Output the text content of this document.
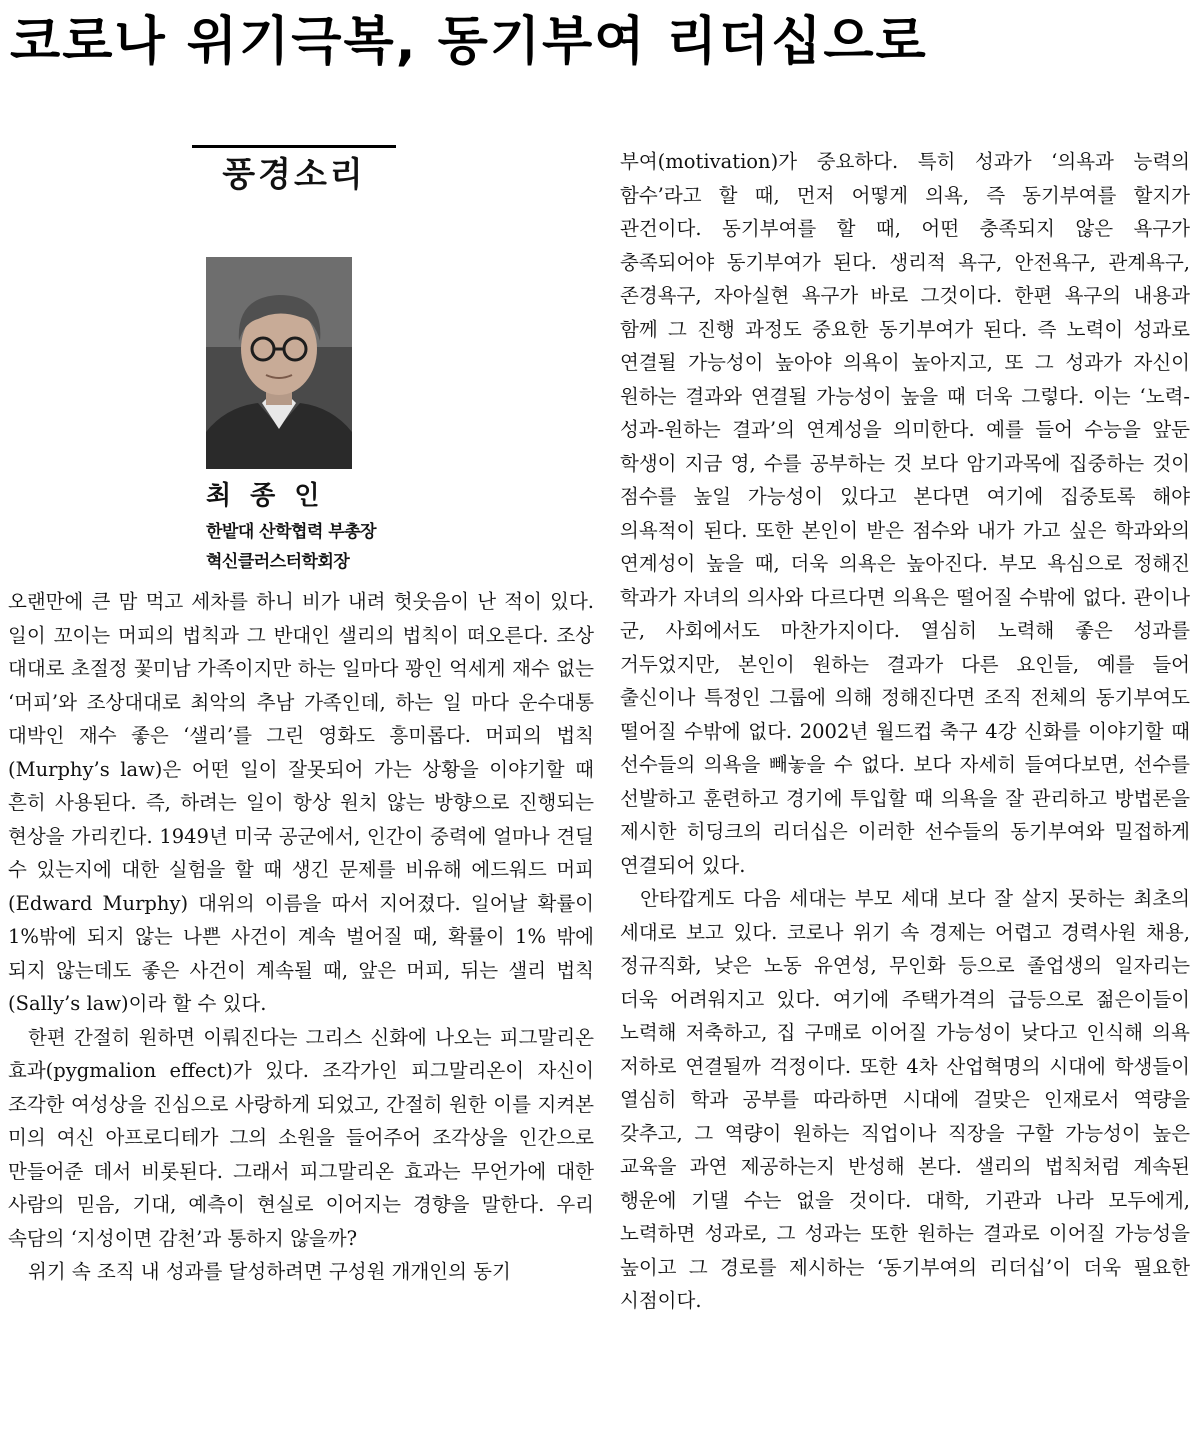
코로나 위기극복, 동기부여 리더십으로
풍경소리
최 종 인
한밭대 산학협력 부총장
혁신클러스터학회장

오랜만에 큰 맘 먹고 세차를 하니 비가 내려 헛웃음이 난 적이 있다. 일이 꼬이는 머피의 법칙과 그 반대인 샐리의 법칙이 떠오른다. 조상 대대로 초절정 꽃미남 가족이지만 하는 일마다 꽝인 억세게 재수 없는 ‘머피’와 조상대대로 최악의 추남 가족인데, 하는 일 마다 운수대통 대박인 재수 좋은 ‘샐리’를 그린 영화도 흥미롭다. 머피의 법칙(Murphy’s law)은 어떤 일이 잘못되어 가는 상황을 이야기할 때 흔히 사용된다. 즉, 하려는 일이 항상 원치 않는 방향으로 진행되는 현상을 가리킨다. 1949년 미국 공군에서, 인간이 중력에 얼마나 견딜 수 있는지에 대한 실험을 할 때 생긴 문제를 비유해 에드워드 머피(Edward Murphy) 대위의 이름을 따서 지어졌다. 일어날 확률이 1%밖에 되지 않는 나쁜 사건이 계속 벌어질 때, 확률이 1% 밖에 되지 않는데도 좋은 사건이 계속될 때, 앞은 머피, 뒤는 샐리 법칙(Sally’s law)이라 할 수 있다.

한편 간절히 원하면 이뤄진다는 그리스 신화에 나오는 피그말리온 효과(pygmalion effect)가 있다. 조각가인 피그말리온이 자신이 조각한 여성상을 진심으로 사랑하게 되었고, 간절히 원한 이를 지켜본 미의 여신 아프로디테가 그의 소원을 들어주어 조각상을 인간으로 만들어준 데서 비롯된다. 그래서 피그말리온 효과는 무언가에 대한 사람의 믿음, 기대, 예측이 현실로 이어지는 경향을 말한다. 우리 속담의 ‘지성이면 감천’과 통하지 않을까?

위기 속 조직 내 성과를 달성하려면 구성원 개개인의 동기

부여(motivation)가 중요하다. 특히 성과가 ‘의욕과 능력의 함수’라고 할 때, 먼저 어떻게 의욕, 즉 동기부여를 할지가 관건이다. 동기부여를 할 때, 어떤 충족되지 않은 욕구가 충족되어야 동기부여가 된다. 생리적 욕구, 안전욕구, 관계욕구, 존경욕구, 자아실현 욕구가 바로 그것이다. 한편 욕구의 내용과 함께 그 진행 과정도 중요한 동기부여가 된다. 즉 노력이 성과로 연결될 가능성이 높아야 의욕이 높아지고, 또 그 성과가 자신이 원하는 결과와 연결될 가능성이 높을 때 더욱 그렇다. 이는 ‘노력-성과-원하는 결과’의 연계성을 의미한다. 예를 들어 수능을 앞둔 학생이 지금 영, 수를 공부하는 것 보다 암기과목에 집중하는 것이 점수를 높일 가능성이 있다고 본다면 여기에 집중토록 해야 의욕적이 된다. 또한 본인이 받은 점수와 내가 가고 싶은 학과와의 연계성이 높을 때, 더욱 의욕은 높아진다. 부모 욕심으로 정해진 학과가 자녀의 의사와 다르다면 의욕은 떨어질 수밖에 없다. 관이나 군, 사회에서도 마찬가지이다. 열심히 노력해 좋은 성과를 거두었지만, 본인이 원하는 결과가 다른 요인들, 예를 들어 출신이나 특정인 그룹에 의해 정해진다면 조직 전체의 동기부여도 떨어질 수밖에 없다. 2002년 월드컵 축구 4강 신화를 이야기할 때 선수들의 의욕을 빼놓을 수 없다. 보다 자세히 들여다보면, 선수를 선발하고 훈련하고 경기에 투입할 때 의욕을 잘 관리하고 방법론을 제시한 히딩크의 리더십은 이러한 선수들의 동기부여와 밀접하게 연결되어 있다.

안타깝게도 다음 세대는 부모 세대 보다 잘 살지 못하는 최초의 세대로 보고 있다. 코로나 위기 속 경제는 어렵고 경력사원 채용, 정규직화, 낮은 노동 유연성, 무인화 등으로 졸업생의 일자리는 더욱 어려워지고 있다. 여기에 주택가격의 급등으로 젊은이들이 노력해 저축하고, 집 구매로 이어질 가능성이 낮다고 인식해 의욕 저하로 연결될까 걱정이다. 또한 4차 산업혁명의 시대에 학생들이 열심히 학과 공부를 따라하면 시대에 걸맞은 인재로서 역량을 갖추고, 그 역량이 원하는 직업이나 직장을 구할 가능성이 높은 교육을 과연 제공하는지 반성해 본다. 샐리의 법칙처럼 계속된 행운에 기댈 수는 없을 것이다. 대학, 기관과 나라 모두에게, 노력하면 성과로, 그 성과는 또한 원하는 결과로 이어질 가능성을 높이고 그 경로를 제시하는 ‘동기부여의 리더십’이 더욱 필요한 시점이다.
